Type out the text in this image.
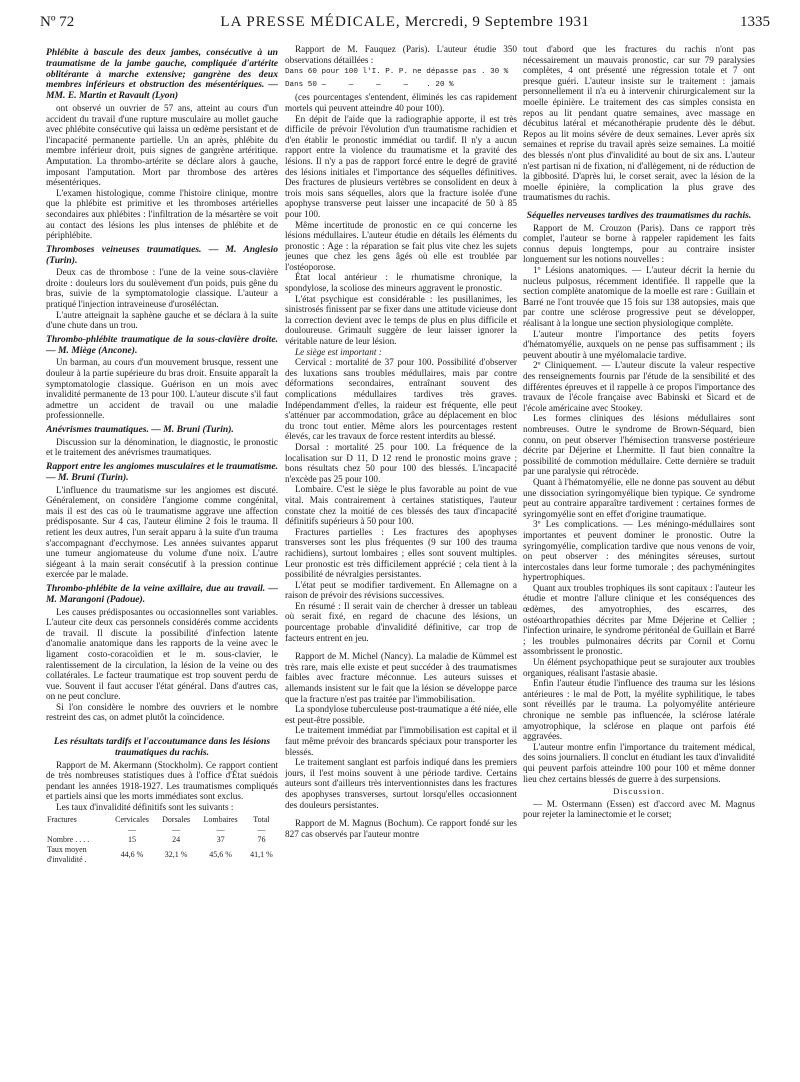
Nº 72	LA PRESSE MÉDICALE, Mercredi, 9 Septembre 1931	1335
Phlébite à bascule des deux jambes, consécutive à un traumatisme de la jambe gauche, compliquée d'artérite oblitérante à marche extensive; gangrène des deux membres inférieurs et obstruction des mésentériques. — MM. E. Martin et Ravault (Lyon)

ont observé un ouvrier de 57 ans, atteint au cours d'un accident du travail d'une rupture musculaire au mollet gauche avec phlébite consécutive qui laissa un œdème persistant et de l'incapacité permanente partielle. Un an après, phlébite du membre inférieur droit, puis signes de gangrène artéritique. Amputation. La thrombo-artérite se déclare alors à gauche, imposant l'amputation. Mort par thrombose des artères mésentériques.

L'examen histologique, comme l'histoire clinique, montre que la phlébite est primitive et les thromboses artérielles secondaires aux phlébites : l'infiltration de la mésartère se voit au contact des lésions les plus intenses de phlébite et de périphlébite.

Thromboses veineuses traumatiques. — M. Anglesio (Turin).

Deux cas de thrombose : l'une de la veine sous-clavière droite : douleurs lors du soulèvement d'un poids, puis gêne du bras, suivie de la symptomatologie classique. L'auteur a pratiqué l'injection intraveineuse d'uroséléctan.

L'autre atteignait la saphène gauche et se déclara à la suite d'une chute dans un trou.

Thrombo-phlébite traumatique de la sous-clavière droite. — M. Miège (Ancone).

Un barman, au cours d'un mouvement brusque, ressent une douleur à la partie supérieure du bras droit. Ensuite apparaît la symptomatologie classique. Guérison en un mois avec invalidité permanente de 13 pour 100. L'auteur discute s'il faut admettre un accident de travail ou une maladie professionnelle.

Anévrismes traumatiques. — M. Bruni (Turin).

Discussion sur la dénomination, le diagnostic, le pronostic et le traitement des anévrismes traumatiques.

Rapport entre les angiomes musculaires et le traumatisme. — M. Bruni (Turin).

L'influence du traumatisme sur les angiomes est discuté. Généralement, on considère l'angiome comme congénital, mais il est des cas où le traumatisme aggrave une affection prédisposante. Sur 4 cas, l'auteur élimine 2 fois le trauma. Il retient les deux autres, l'un serait apparu à la suite d'un trauma s'accompagnant d'ecchymose. Les années suivantes apparut une tumeur angiomateuse du volume d'une noix. L'autre siégeant à la main serait consécutif à la pression continue exercée par le malade.

Thrombo-phlébite de la veine axillaire, due au travail. — M. Marangoni (Padoue).

Les causes prédisposantes ou occasionnelles sont variables. L'auteur cite deux cas personnels considérés comme accidents de travail. Il discute la possibilité d'infection latente d'anomalie anatomique dans les rapports de la veine avec le ligament costo-coracoïdien et le m. sous-clavier, le ralentissement de la circulation, la lésion de la veine ou des collatérales. Le facteur traumatique est trop souvent perdu de vue. Souvent il faut accuser l'état général. Dans d'autres cas, on ne peut conclure.

Si l'on considère le nombre des ouvriers et le nombre restreint des cas, on admet plutôt la coïncidence.

Les résultats tardifs et l'accoutumance dans les lésions traumatiques du rachis.

Rapport de M. Akermann (Stockholm). Ce rapport contient de très nombreuses statistiques dues à l'office d'État suédois pendant les années 1918-1927. Les traumatismes compliqués et partiels ainsi que les morts immédiates sont exclus.

Les taux d'invalidité définitifs sont les suivants :

Fractures	Cervicales	Dorsales	Lombaires	Total
	—	—	—	—
Nombre . . . .	15	24	37	76
Taux moyen d'invalidité .	44,6 %	32,1 %	45,6 %	41,1 %

Rapport de M. Fauquez (Paris). L'auteur étudie 350 observations détaillées :

Dans 60 pour 100 l'I. P. P. ne dépasse pas . 30 %
Dans 50 —     —     —     —    . 20 %

(ces pourcentages s'entendent, éliminés les cas rapidement mortels qui peuvent atteindre 40 pour 100).

En dépit de l'aide que la radiographie apporte, il est très difficile de prévoir l'évolution d'un traumatisme rachidien et d'en établir le pronostic immédiat ou tardif. Il n'y a aucun rapport entre la violence du traumatisme et la gravité des lésions. Il n'y a pas de rapport forcé entre le degré de gravité des lésions initiales et l'importance des séquelles définitives. Des fractures de plusieurs vertèbres se consolident en deux à trois mois sans séquelles, alors que la fracture isolée d'une apophyse transverse peut laisser une incapacité de 50 à 85 pour 100.

Même incertitude de pronostic en ce qui concerne les lésions médullaires. L'auteur étudie en détails les éléments du pronostic : Age : la réparation se fait plus vite chez les sujets jeunes que chez les gens âgés où elle est troublée par l'ostéoporose.

État local antérieur : le rhumatisme chronique, la spondylose, la scoliose des mineurs aggravent le pronostic.

L'état psychique est considérable : les pusillanimes, les sinistrosés finissent par se fixer dans une attitude vicieuse dont la correction devient avec le temps de plus en plus difficile et douloureuse. Grimault suggère de leur laisser ignorer la véritable nature de leur lésion.

Le siège est important :

Cervical : mortalité de 37 pour 100. Possibilité d'observer des luxations sans troubles médullaires, mais par contre déformations secondaires, entraînant souvent des complications médullaires tardives très graves. Indépendamment d'elles, la raideur est fréquente, elle peut s'atténuer par accommodation, grâce au déplacement en bloc du tronc tout entier. Même alors les pourcentages restent élevés, car les travaux de force restent interdits au blessé.

Dorsal : mortalité 25 pour 100. La fréquence de la localisation sur D 11, D 12 rend le pronostic moins grave ; bons résultats chez 50 pour 100 des blessés. L'incapacité n'excède pas 25 pour 100.

Lombaire. C'est le siège le plus favorable au point de vue vital. Mais contrairement à certaines statistiques, l'auteur constate chez la moitié de ces blessés des taux d'incapacité définitifs supérieurs à 50 pour 100.

Fractures partielles : Les fractures des apophyses transverses sont les plus fréquentes (9 sur 100 des trauma rachidiens), surtout lombaires ; elles sont souvent multiples. Leur pronostic est très difficilement apprécié ; cela tient à la possibilité de névralgies persistantes.

L'état peut se modifier tardivement. En Allemagne on a raison de prévoir des révisions successives.

En résumé : Il serait vain de chercher à dresser un tableau où serait fixé, en regard de chacune des lésions, un pourcentage probable d'invalidité définitive, car trop de facteurs entrent en jeu.

Rapport de M. Michel (Nancy). La maladie de Kümmel est très rare, mais elle existe et peut succéder à des traumatismes faibles avec fracture méconnue. Les auteurs suisses et allemands insistent sur le fait que la lésion se développe parce que la fracture n'est pas traitée par l'immobilisation.

La spondylose tuberculeuse post-traumatique a été niée, elle est peut-être possible.

Le traitement immédiat par l'immobilisation est capital et il faut même prévoir des brancards spéciaux pour transporter les blessés.

Le traitement sanglant est parfois indiqué dans les premiers jours, il l'est moins souvent à une période tardive. Certains auteurs sont d'ailleurs très interventionnistes dans les fractures des apophyses transverses, surtout lorsqu'elles occasionnent des douleurs persistantes.

Rapport de M. Magnus (Bochum). Ce rapport fondé sur les 827 cas observés par l'auteur montre

tout d'abord que les fractures du rachis n'ont pas nécessairement un mauvais pronostic, car sur 79 paralysies complètes, 4 ont présenté une régression totale et 7 ont presque guéri. L'auteur insiste sur le traitement : jamais personnellement il n'a eu à intervenir chirurgicalement sur la moelle épinière. Le traitement des cas simples consista en repos au lit pendant quatre semaines, avec massage en décubitus latéral et mécanothérapie prudente dès le début. Repos au lit moins sévère de deux semaines. Lever après six semaines et reprise du travail après seize semaines. La moitié des blessés n'ont plus d'invalidité au bout de six ans. L'auteur n'est partisan ni de fixation, ni d'allègement, ni de réduction de la gibbosité. D'après lui, le corset serait, avec la lésion de la moelle épinière, la complication la plus grave des traumatismes du rachis.

Séquelles nerveuses tardives des traumatismes du rachis.

Rapport de M. Crouzon (Paris). Dans ce rapport très complet, l'auteur se borne à rappeler rapidement les faits connus depuis longtemps, pour au contraire insister longuement sur les notions nouvelles :

1º Lésions anatomiques. — L'auteur décrit la hernie du nucleus pulposus, récemment identifiée. Il rappelle que la section complète anatomique de la moelle est rare : Guillain et Barré ne l'ont trouvée que 15 fois sur 138 autopsies, mais que par contre une sclérose progressive peut se développer, réalisant à la longue une section physiologique complète.

L'auteur montre l'importance des petits foyers d'hématomyélie, auxquels on ne pense pas suffisamment ; ils peuvent aboutir à une myélomalacie tardive.

2º Cliniquement. — L'auteur discute la valeur respective des renseignements fournis par l'étude de la sensibilité et des différentes épreuves et il rappelle à ce propos l'importance des travaux de l'école française avec Babinski et Sicard et de l'école américaine avec Stookey.

Les formes cliniques des lésions médullaires sont nombreuses. Outre le syndrome de Brown-Séquard, bien connu, on peut observer l'hémisection transverse postérieure décrite par Déjerine et Lhermitte. Il faut bien connaître la possibilité de commotion médullaire. Cette dernière se traduit par une paralysie qui rétrocède.

Quant à l'hématomyélie, elle ne donne pas souvent au début une dissociation syringomyélique bien typique. Ce syndrome peut au contraire apparaître tardivement : certaines formes de syringomyélie sont en effet d'origine traumatique.

3º Les complications. — Les méningo-médullaires sont importantes et peuvent dominer le pronostic. Outre la syringomyélie, complication tardive que nous venons de voir, on peut observer : des méningites séreuses, surtout intercostales dans leur forme tumorale ; des pachyméningites hypertrophiques.

Quant aux troubles trophiques ils sont capitaux : l'auteur les étudie et montre l'allure clinique et les conséquences des œdèmes, des amyotrophies, des escarres, des ostéoarthropathies décrites par Mme Déjerine et Cellier ; l'infection urinaire, le syndrome péritonéal de Guillain et Barré ; les troubles pulmonaires décrits par Cornil et Cornu assombrissent le pronostic.

Un élément psychopathique peut se surajouter aux troubles organiques, réalisant l'astasie abasie.

Enfin l'auteur étudie l'influence des trauma sur les lésions antérieures : le mal de Pott, la myélite syphilitique, le tabes sont réveillés par le trauma. La polyomyélite antérieure chronique ne semble pas influencée, la sclérose latérale amyotrophique, la sclérose en plaque ont parfois été aggravées.

L'auteur montre enfin l'importance du traitement médical, des soins journaliers. Il conclut en étudiant les taux d'invalidité qui peuvent parfois atteindre 100 pour 100 et même donner lieu chez certains blessés de guerre à des surpensions.

Discussion.

— M. Ostermann (Essen) est d'accord avec M. Magnus pour rejeter la laminectomie et le corset;
